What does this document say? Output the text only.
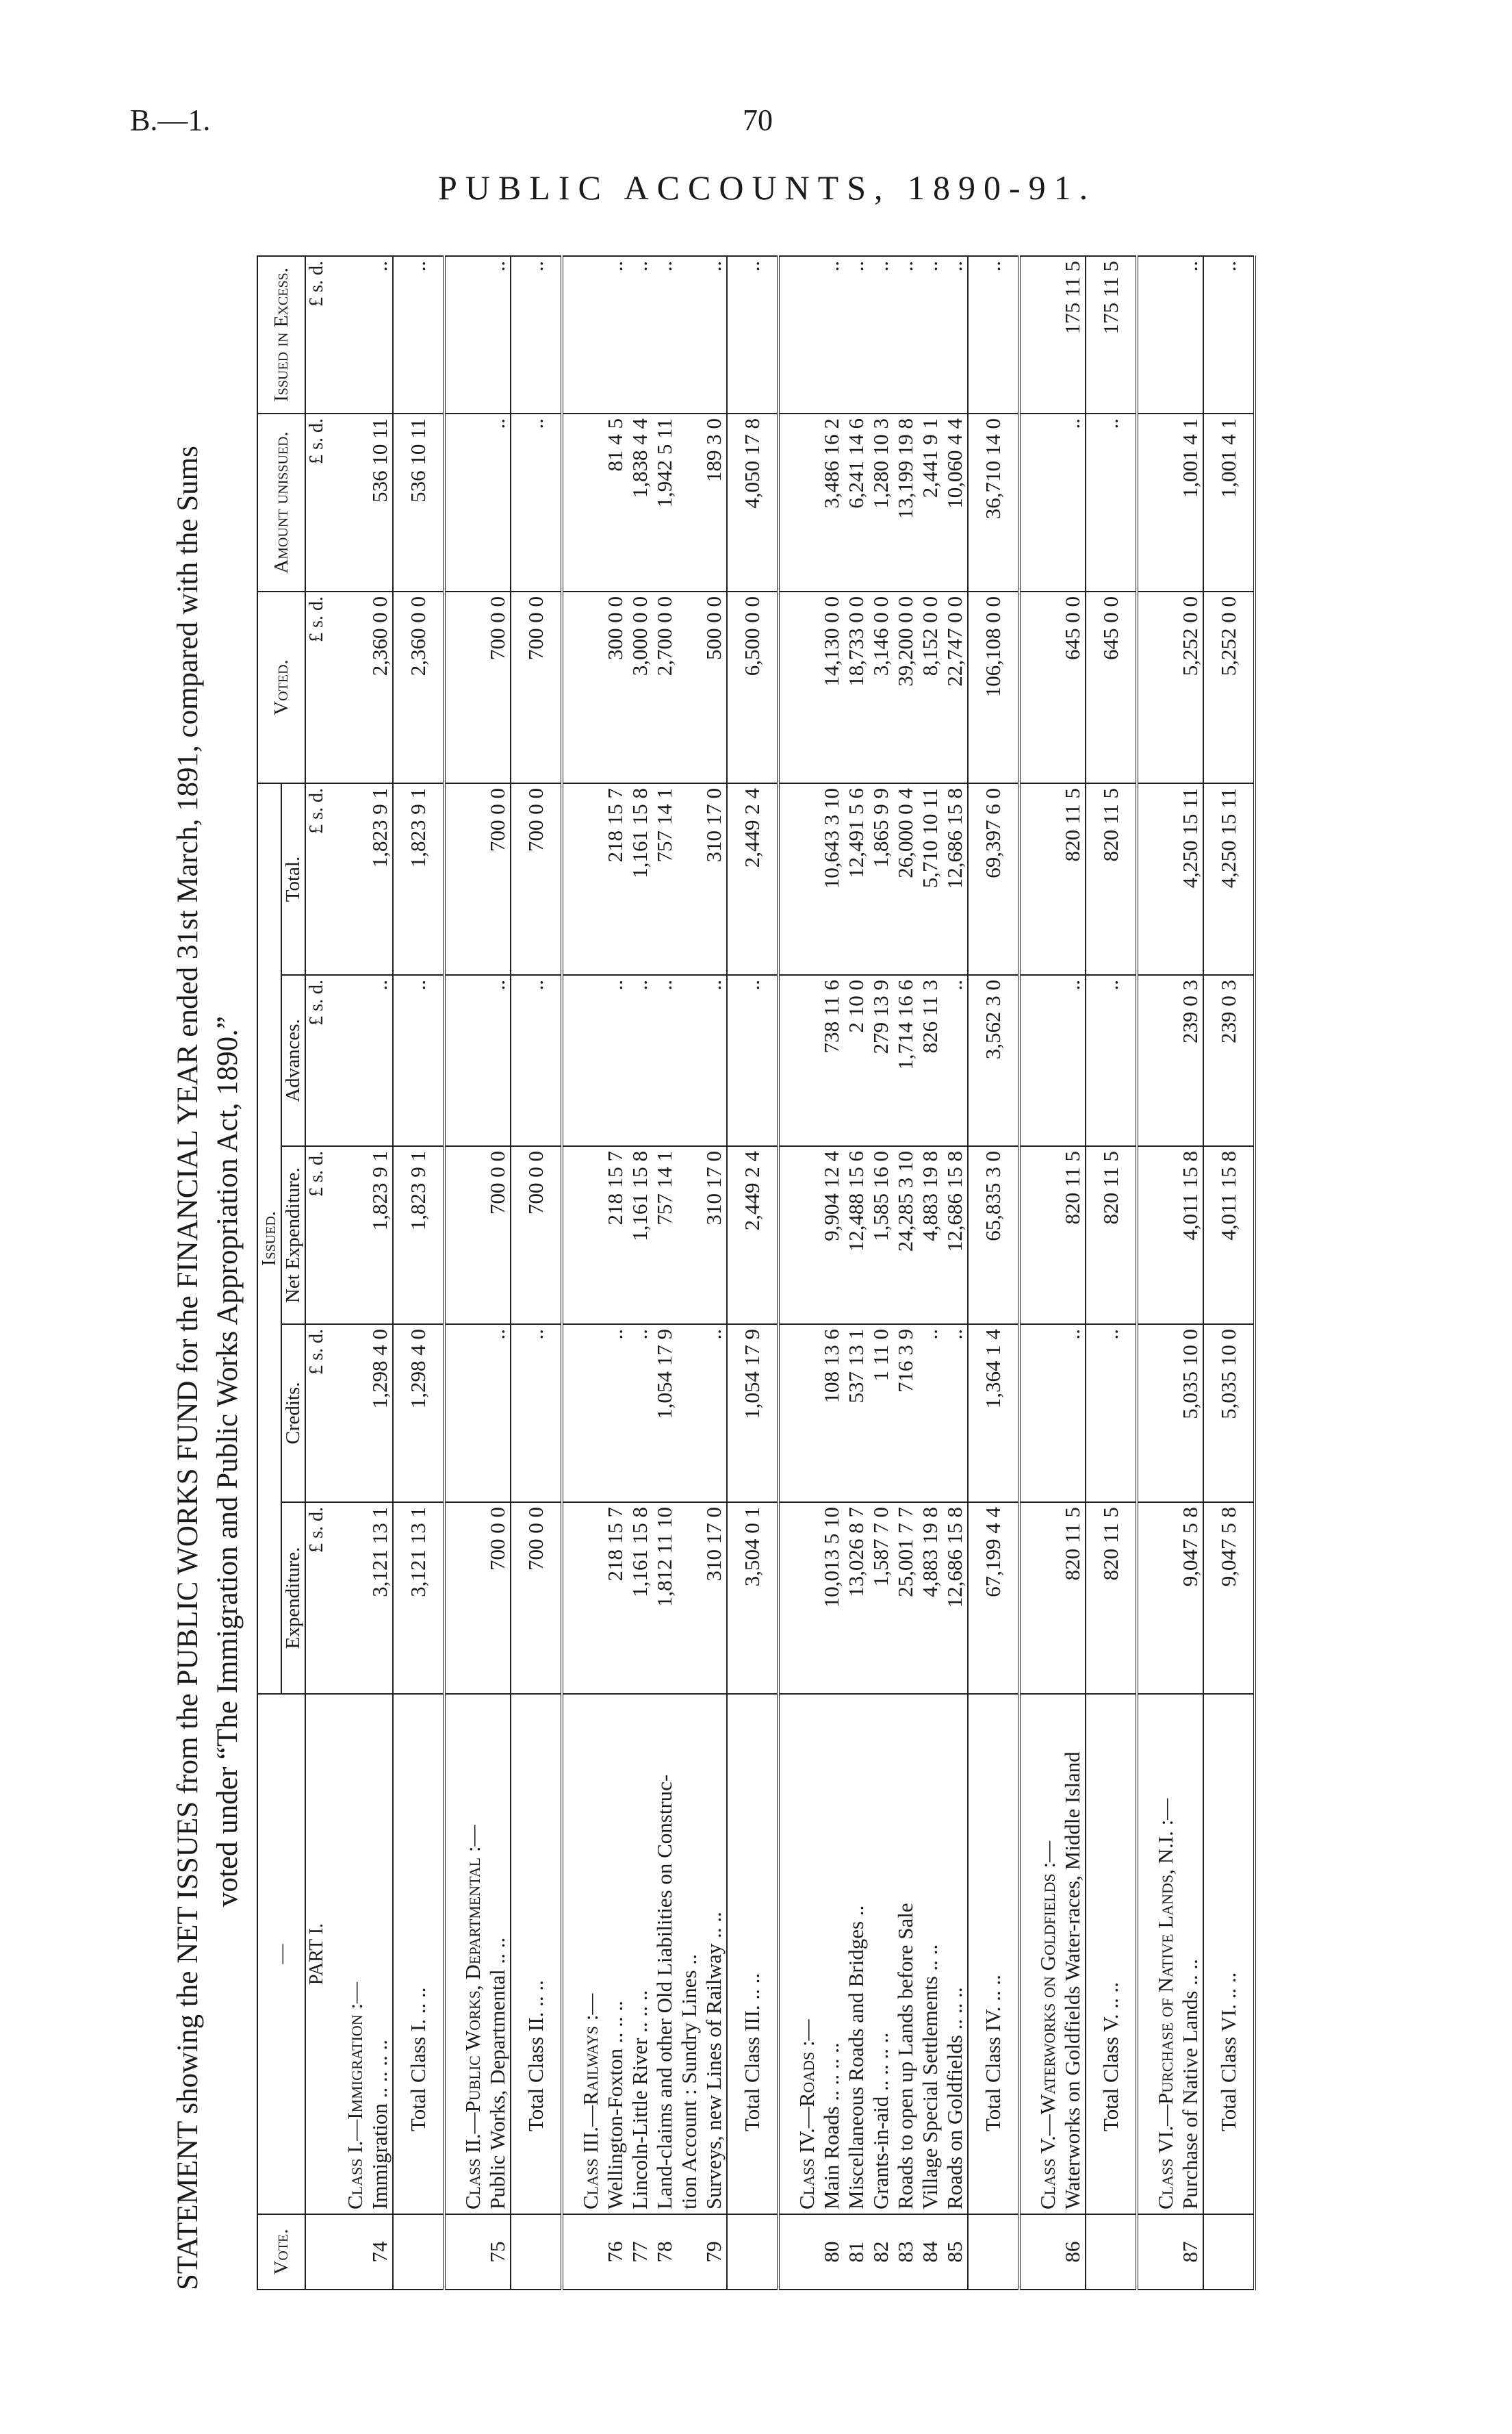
B.—1.	70
PUBLIC ACCOUNTS, 1890-91.
STATEMENT showing the NET ISSUES from the PUBLIC WORKS FUND for the FINANCIAL YEAR ended 31st March, 1891, compared with the Sums voted under “The Immigration and Public Works Appropriation Act, 1890.”
Vote.	—	Issued.					Voted.	Amount unissued.	Issued in Excess.
		Expenditure.	Credits.	Net Expenditure.	Advances.	Total.			
	PART I.	£ s. d.	£ s. d.	£ s. d.	£ s. d.	£ s. d.	£ s. d.	£ s. d.	£ s. d.
	Class I.—Immigration :—								
74	Immigration .. .. .. ..	3,121 13 1	1,298 4 0	1,823 9 1	..	1,823 9 1	2,360 0 0	536 10 11	..
	Total Class I. .. ..	3,121 13 1	1,298 4 0	1,823 9 1	..	1,823 9 1	2,360 0 0	536 10 11	..
	Class II.—Public Works, Departmental :—								
75	Public Works, Departmental .. ..	700 0 0	..	700 0 0	..	700 0 0	700 0 0	..	..
	Total Class II. .. ..	700 0 0	..	700 0 0	..	700 0 0	700 0 0	..	..
	Class III.—Railways :—								
76	Wellington-Foxton .. .. ..	218 15 7	..	218 15 7	..	218 15 7	300 0 0	81 4 5	..
77	Lincoln-Little River .. .. ..	1,161 15 8	..	1,161 15 8	..	1,161 15 8	3,000 0 0	1,838 4 4	..
78	Land-claims and other Old Liabilities on Construc-	1,812 11 10	1,054 17 9	757 14 1	..	757 14 1	2,700 0 0	1,942 5 11	..
	tion Account : Sundry Lines ..								
79	Surveys, new Lines of Railway .. ..	310 17 0	..	310 17 0	..	310 17 0	500 0 0	189 3 0	..
	Total Class III. .. ..	3,504 0 1	1,054 17 9	2,449 2 4	..	2,449 2 4	6,500 0 0	4,050 17 8	..
	Class IV.—Roads :—								
80	Main Roads .. .. .. ..	10,013 5 10	108 13 6	9,904 12 4	738 11 6	10,643 3 10	14,130 0 0	3,486 16 2	..
81	Miscellaneous Roads and Bridges ..	13,026 8 7	537 13 1	12,488 15 6	2 10 0	12,491 5 6	18,733 0 0	6,241 14 6	..
82	Grants-in-aid .. .. .. ..	1,587 7 0	1 11 0	1,585 16 0	279 13 9	1,865 9 9	3,146 0 0	1,280 10 3	..
83	Roads to open up Lands before Sale	25,001 7 7	716 3 9	24,285 3 10	1,714 16 6	26,000 0 4	39,200 0 0	13,199 19 8	..
84	Village Special Settlements .. ..	4,883 19 8	..	4,883 19 8	826 11 3	5,710 10 11	8,152 0 0	2,441 9 1	..
85	Roads on Goldfields .. .. ..	12,686 15 8	..	12,686 15 8	..	12,686 15 8	22,747 0 0	10,060 4 4	..
	Total Class IV. .. ..	67,199 4 4	1,364 1 4	65,835 3 0	3,562 3 0	69,397 6 0	106,108 0 0	36,710 14 0	..
	Class V.—Waterworks on Goldfields :—								
86	Waterworks on Goldfields Water-races, Middle Island	820 11 5	..	820 11 5	..	820 11 5	645 0 0	..	175 11 5
	Total Class V. .. ..	820 11 5	..	820 11 5	..	820 11 5	645 0 0	..	175 11 5
	Class VI.—Purchase of Native Lands, N.I. :—								
87	Purchase of Native Lands .. ..	9,047 5 8	5,035 10 0	4,011 15 8	239 0 3	4,250 15 11	5,252 0 0	1,001 4 1	..
	Total Class VI. .. ..	9,047 5 8	5,035 10 0	4,011 15 8	239 0 3	4,250 15 11	5,252 0 0	1,001 4 1	..
